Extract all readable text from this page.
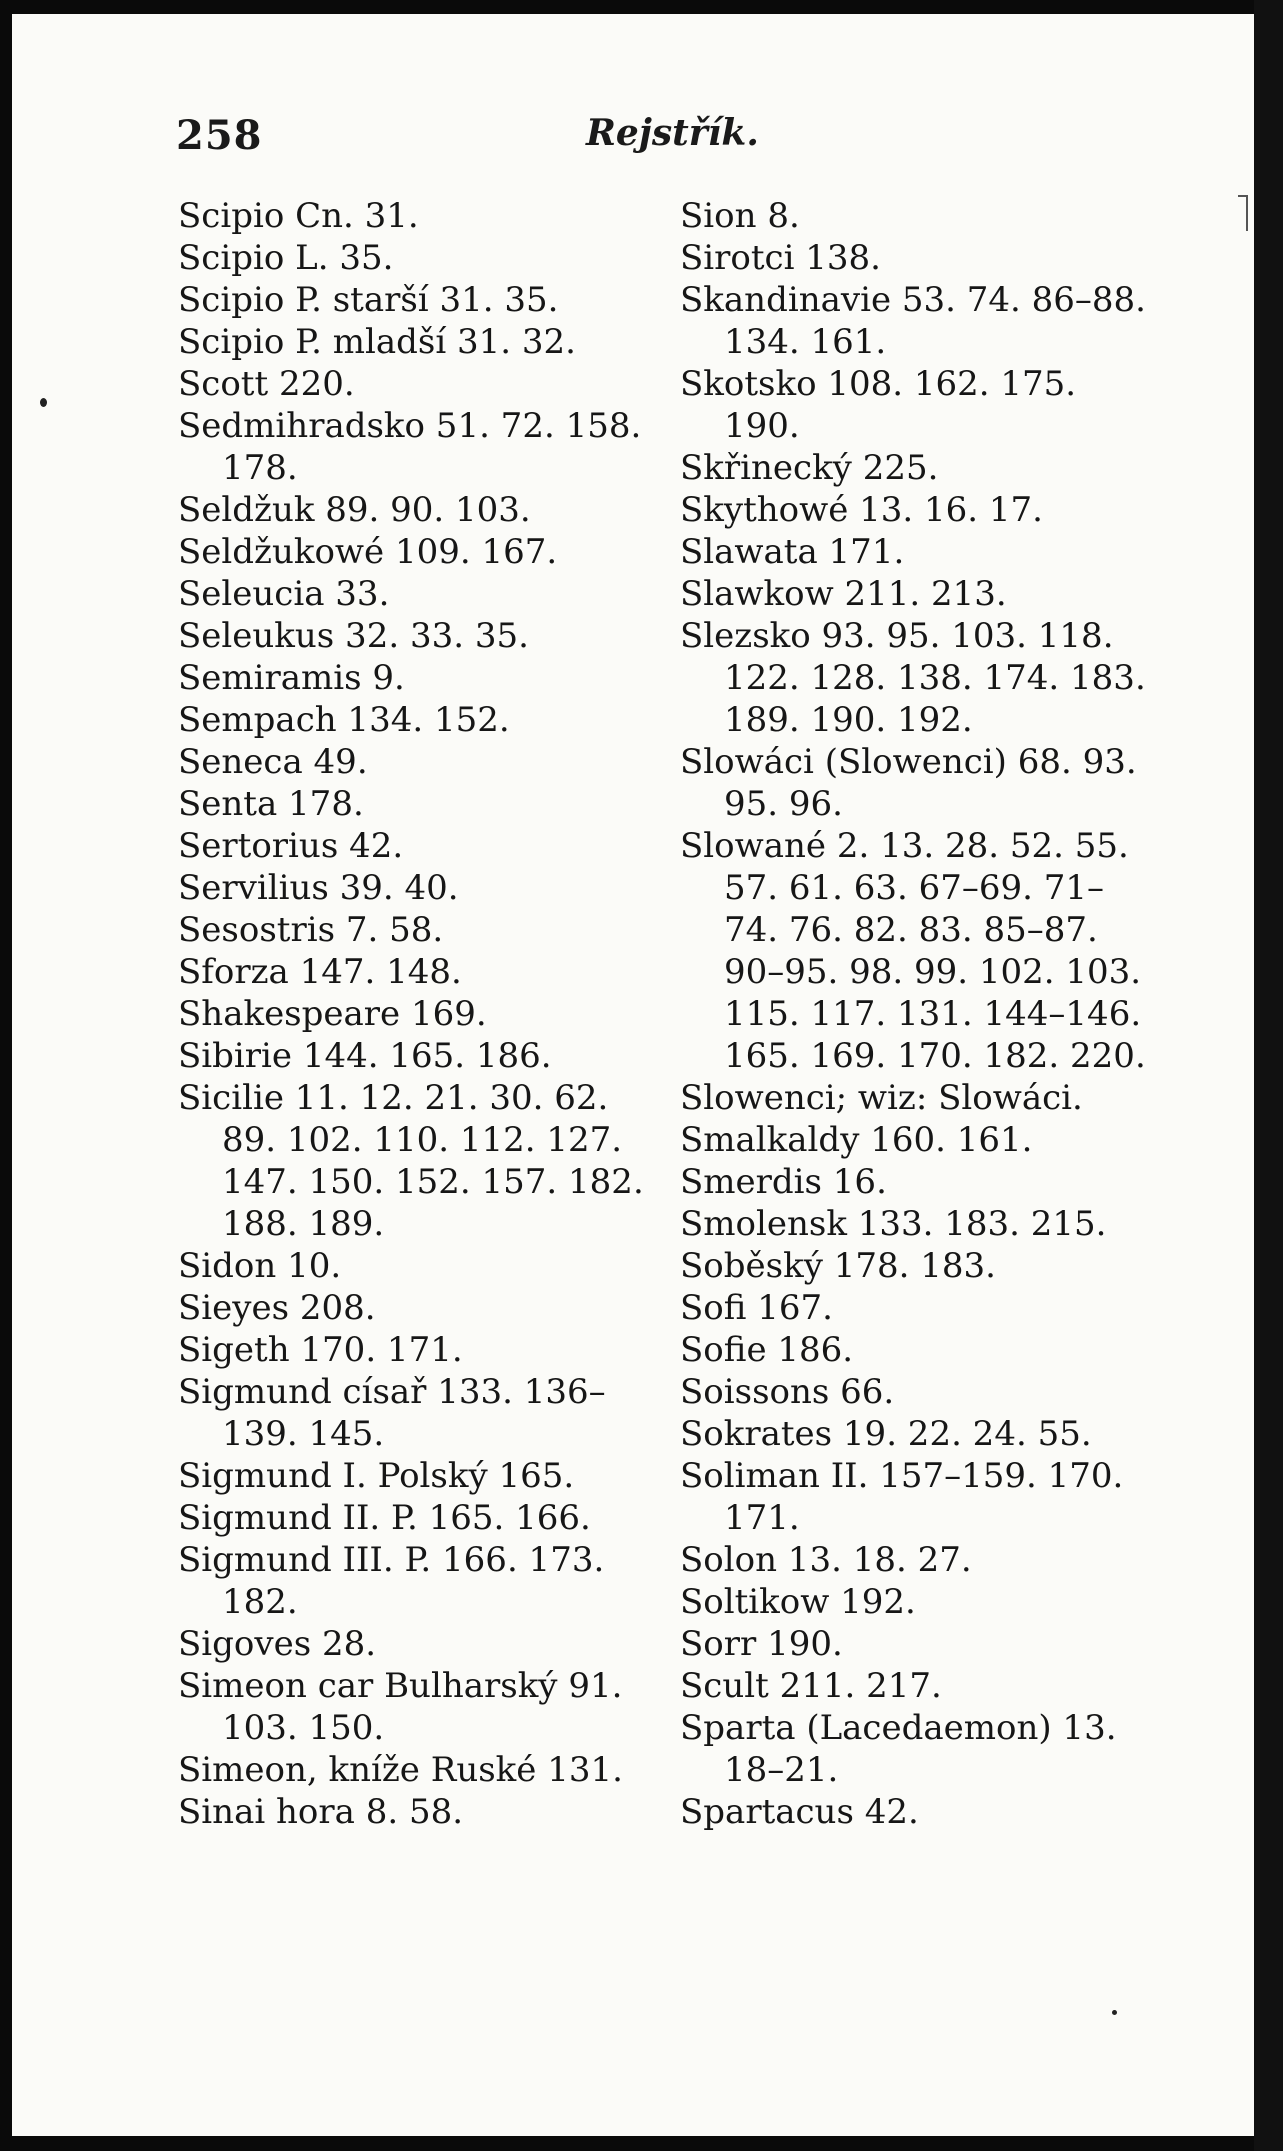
258	Rejstřík.
Scipio Cn. 31.
Scipio L. 35.
Scipio P. starší 31. 35.
Scipio P. mladší 31. 32.
Scott 220.
Sedmihradsko 51. 72. 158.
178.
Seldžuk 89. 90. 103.
Seldžukowé 109. 167.
Seleucia 33.
Seleukus 32. 33. 35.
Semiramis 9.
Sempach 134. 152.
Seneca 49.
Senta 178.
Sertorius 42.
Servilius 39. 40.
Sesostris 7. 58.
Sforza 147. 148.
Shakespeare 169.
Sibirie 144. 165. 186.
Sicilie 11. 12. 21. 30. 62.
89. 102. 110. 112. 127.
147. 150. 152. 157. 182.
188. 189.
Sidon 10.
Sieyes 208.
Sigeth 170. 171.
Sigmund císař 133. 136–
139. 145.
Sigmund I. Polský 165.
Sigmund II. P. 165. 166.
Sigmund III. P. 166. 173.
182.
Sigoves 28.
Simeon car Bulharský 91.
103. 150.
Simeon, kníže Ruské 131.
Sinai hora 8. 58.
Sion 8.
Sirotci 138.
Skandinavie 53. 74. 86–88.
134. 161.
Skotsko 108. 162. 175.
190.
Skřinecký 225.
Skythowé 13. 16. 17.
Slawata 171.
Slawkow 211. 213.
Slezsko 93. 95. 103. 118.
122. 128. 138. 174. 183.
189. 190. 192.
Slowáci (Slowenci) 68. 93.
95. 96.
Slowané 2. 13. 28. 52. 55.
57. 61. 63. 67–69. 71–
74. 76. 82. 83. 85–87.
90–95. 98. 99. 102. 103.
115. 117. 131. 144–146.
165. 169. 170. 182. 220.
Slowenci; wiz: Slowáci.
Smalkaldy 160. 161.
Smerdis 16.
Smolensk 133. 183. 215.
Soběský 178. 183.
Sofi 167.
Sofie 186.
Soissons 66.
Sokrates 19. 22. 24. 55.
Soliman II. 157–159. 170.
171.
Solon 13. 18. 27.
Soltikow 192.
Sorr 190.
Scult 211. 217.
Sparta (Lacedaemon) 13.
18–21.
Spartacus 42.
